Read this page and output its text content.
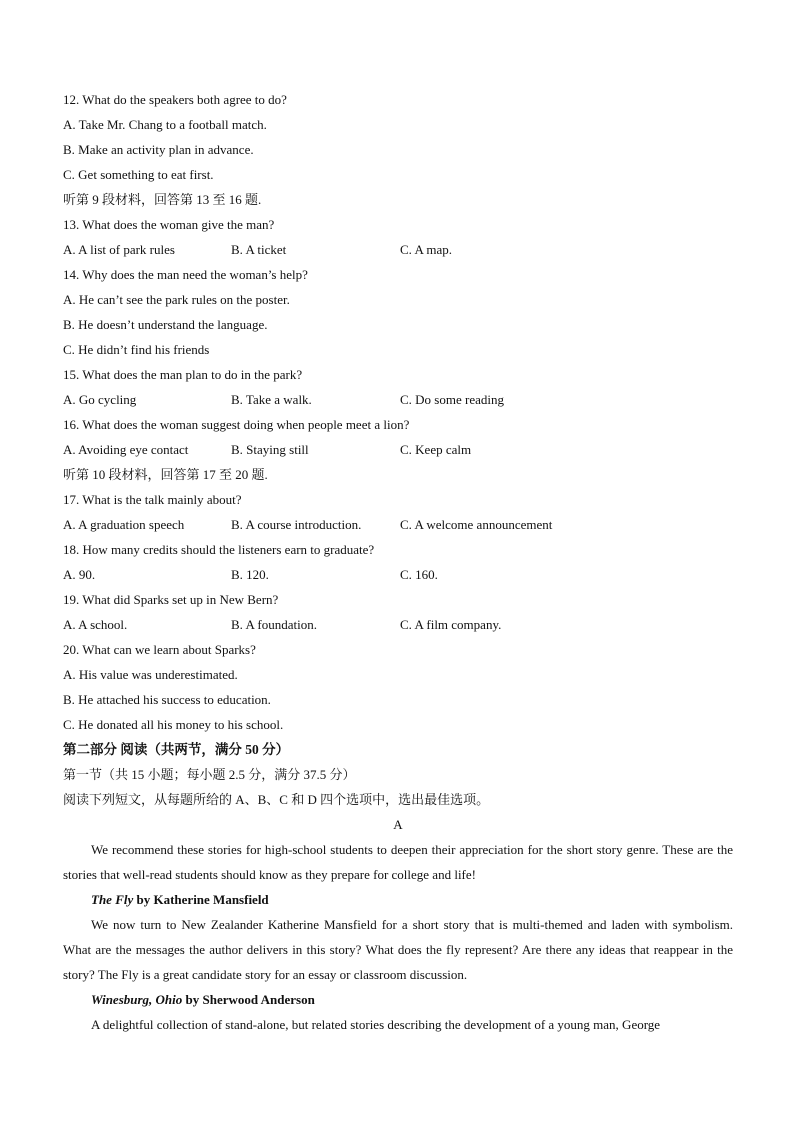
12. What do the speakers both agree to do?
A. Take Mr. Chang to a football match.
B. Make an activity plan in advance.
C. Get something to eat first.
听第 9 段材料，回答第 13 至 16 题.
13. What does the woman give the man?
A. A list of park rules	B. A ticket	C. A map.
14. Why does the man need the woman’s help?
A. He can’t see the park rules on the poster.
B. He doesn’t understand the language.
C. He didn’t find his friends
15. What does the man plan to do in the park?
A. Go cycling	B. Take a walk.	C. Do some reading
16. What does the woman suggest doing when people meet a lion?
A. Avoiding eye contact	B. Staying still	C. Keep calm
听第 10 段材料，回答第 17 至 20 题.
17. What is the talk mainly about?
A. A graduation speech	B. A course introduction.	C. A welcome announcement
18. How many credits should the listeners earn to graduate?
A. 90.	B. 120.	C. 160.
19. What did Sparks set up in New Bern?
A. A school.	B. A foundation.	C. A film company.
20. What can we learn about Sparks?
A. His value was underestimated.
B. He attached his success to education.
C. He donated all his money to his school.
第二部分 阅读（共两节，满分 50 分）
第一节（共 15 小题；每小题 2.5 分，满分 37.5 分）
阅读下列短文，从每题所给的 A、B、C 和 D 四个选项中，选出最佳选项。
A
We recommend these stories for high-school students to deepen their appreciation for the short story genre. These are the stories that well-read students should know as they prepare for college and life!
The Fly by Katherine Mansfield
We now turn to New Zealander Katherine Mansfield for a short story that is multi-themed and laden with symbolism. What are the messages the author delivers in this story? What does the fly represent? Are there any ideas that reappear in the story? The Fly is a great candidate story for an essay or classroom discussion.
Winesburg, Ohio by Sherwood Anderson
A delightful collection of stand-alone, but related stories describing the development of a young man, George
